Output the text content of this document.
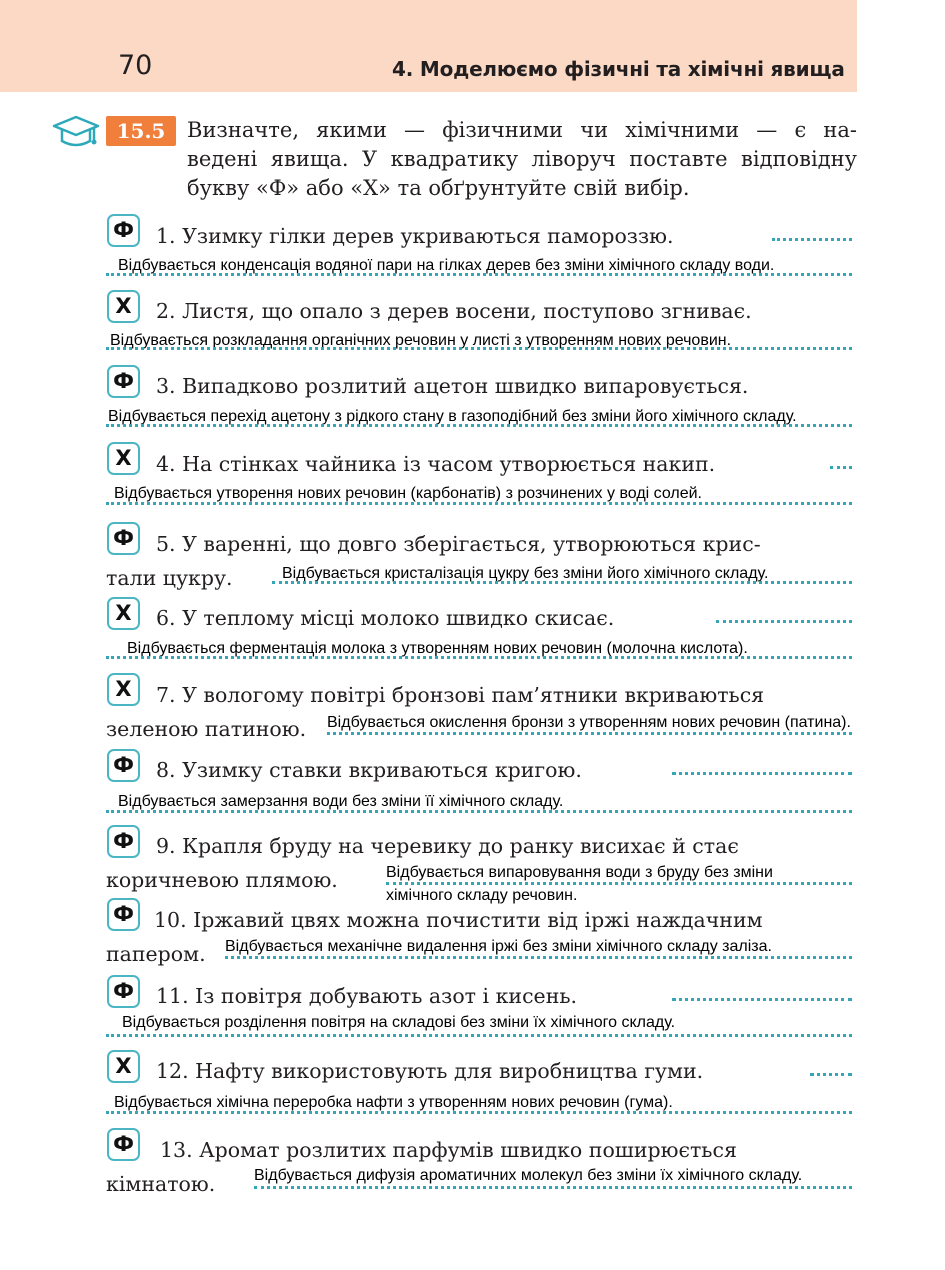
70	4. Моделюємо фізичні та хімічні явища
15.5	Визначте, якими — фізичними чи хімічними — є на-
ведені явища. У квадратику ліворуч поставте відповідну
букву «Ф» або «Х» та обґрунтуйте свій вибір.
Ф 1. Узимку гілки дерев укриваються памороззю.
Відбувається конденсація водяної пари на гілках дерев без зміни хімічного складу води.
Х	2. Листя, що опало з дерев восени, поступово згниває.
Відбувається розкладання органічних речовин у листі з утворенням нових речовин.
Ф 3. Випадково розлитий ацетон швидко випаровується.
Відбувається перехід ацетону з рідкого стану в газоподібний без зміни його хімічного складу.
Х	4. На стінках чайника із часом утворюється накип.
Відбувається утворення нових речовин (карбонатів) з розчинених у воді солей.
Ф 5. У варенні, що довго зберігається, утворюються крис-
тали цукру.	Відбувається кристалізація цукру без зміни його хімічного складу.
Х	6. У теплому місці молоко швидко скисає.
Відбувається ферментація молока з утворенням нових речовин (молочна кислота).
Х	7. У вологому повітрі бронзові пам’ятники вкриваються
зеленою патиною. Відбувається окислення бронзи з утворенням нових речовин (патина).
Ф 8. Узимку ставки вкриваються кригою.
Відбувається замерзання води без зміни її хімічного складу.
Ф 9. Крапля бруду на черевику до ранку висихає й стає
коричневою плямою.	Відбувається випаровування води з бруду без зміни
хімічного складу речовин.
Ф 10. Іржавий цвях можна почистити від іржі наждачним
папером. Відбувається механічне видалення іржі без зміни хімічного складу заліза.
Ф 11. Із повітря добувають азот і кисень.
Відбувається розділення повітря на складові без зміни їх хімічного складу.
Х	12. Нафту використовують для виробництва гуми.
Відбувається хімічна переробка нафти з утворенням нових речовин (гума).
Ф 13. Аромат розлитих парфумів швидко поширюється
кімнатою. Відбувається дифузія ароматичних молекул без зміни їх хімічного складу.
